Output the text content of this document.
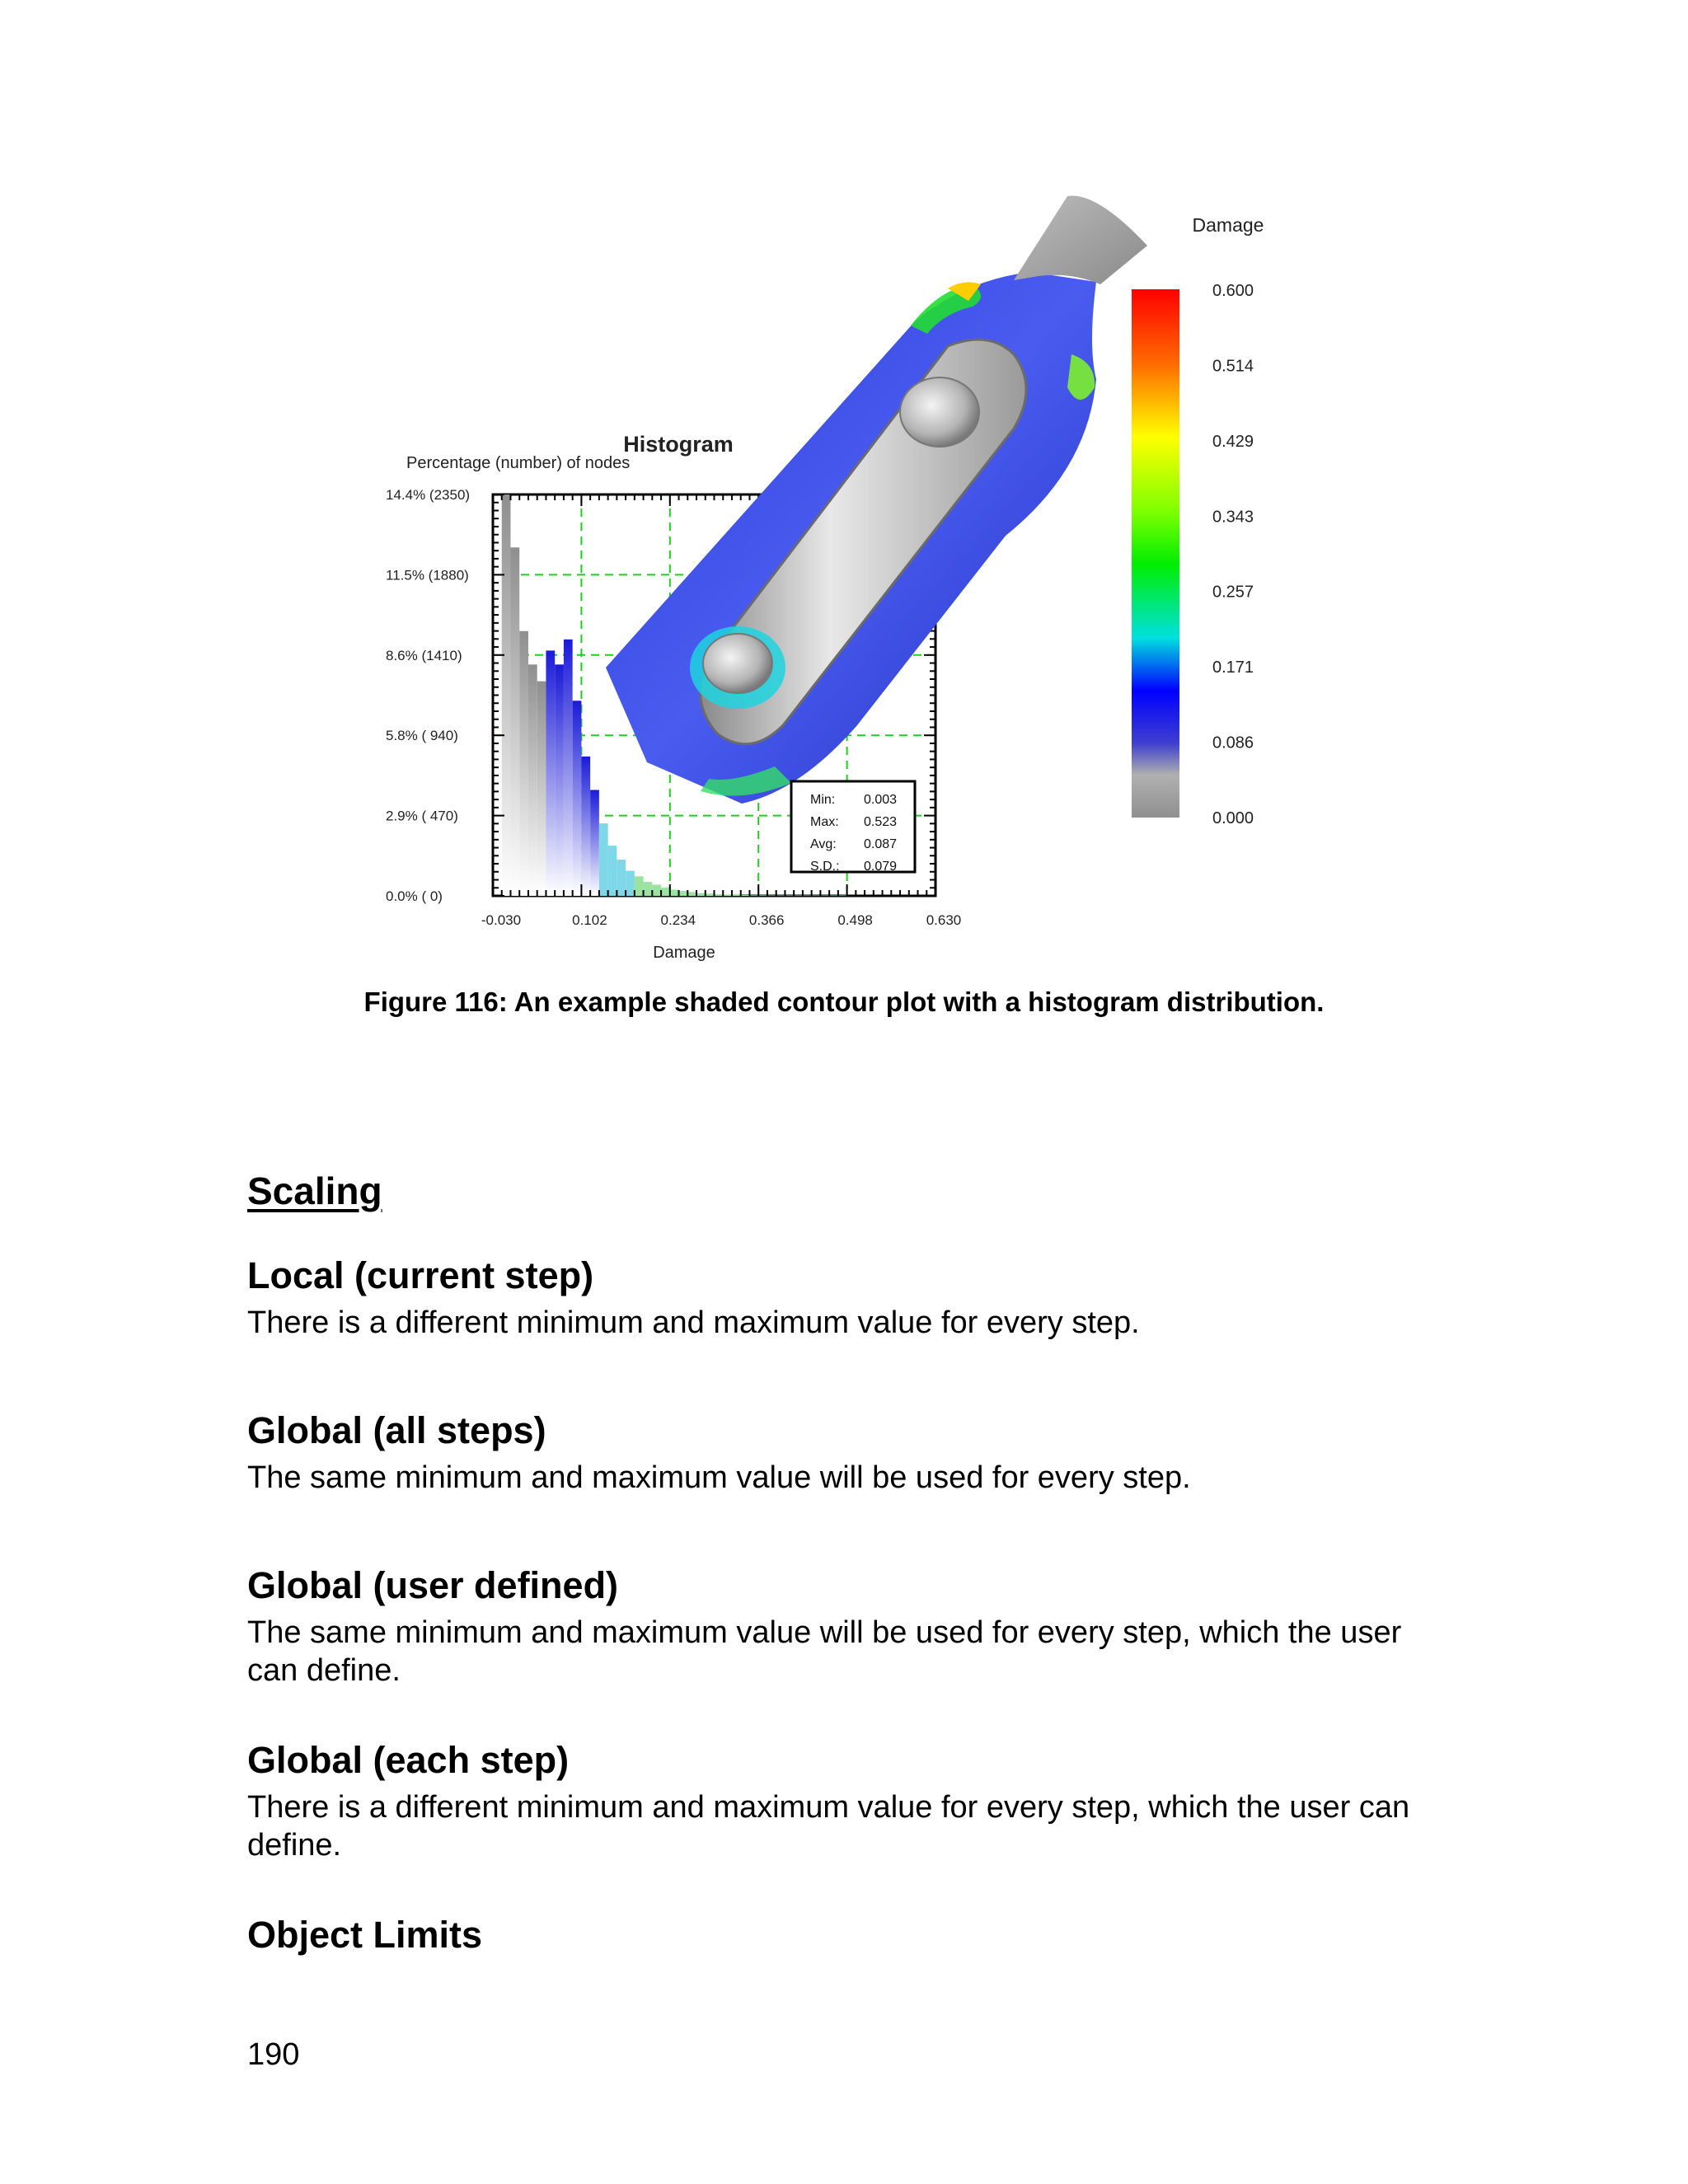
Histogram
Percentage (number) of nodes
0.0% ( 0)
2.9% ( 470)
5.8% ( 940)
8.6% (1410)
11.5% (1880)
14.4% (2350)
-0.030	0.102	0.234	0.366	0.498	0.630
Damage
Min: 0.003
Max: 0.523
Avg: 0.087
S.D.: 0.079
Damage
0.600
0.514
0.429
0.343
0.257
0.171
0.086
0.000
Figure 116: An example shaded contour plot with a histogram distribution.
Scaling
Local (current step)
There is a different minimum and maximum value for every step.
Global (all steps)
The same minimum and maximum value will be used for every step.
Global (user defined)
The same minimum and maximum value will be used for every step, which the user can define.
Global (each step)
There is a different minimum and maximum value for every step, which the user can define.
Object Limits
190
